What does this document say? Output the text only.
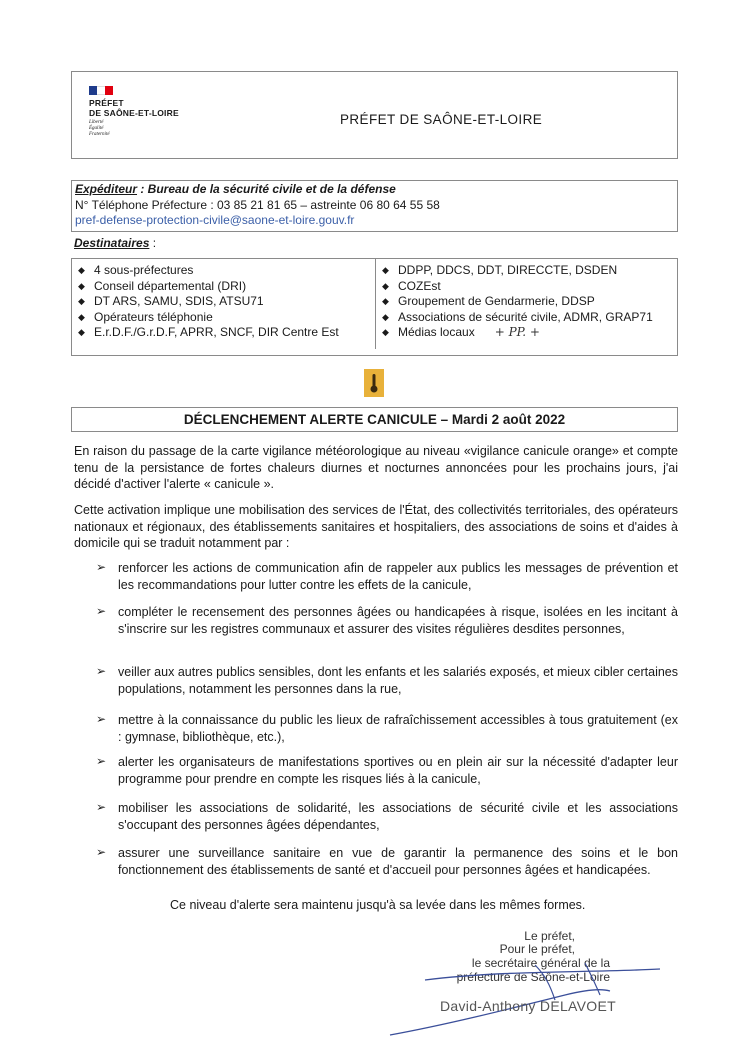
PRÉFET
DE SAÔNE-ET-LOIRE
Liberté
Égalité
Fraternité
PRÉFET DE SAÔNE-ET-LOIRE
Expéditeur : Bureau de la sécurité civile et de la défense
N° Téléphone Préfecture : 03 85 21 81 65 – astreinte 06 80 64 55 58
pref-defense-protection-civile@saone-et-loire.gouv.fr
Destinataires :
◆ 4 sous-préfectures
◆ Conseil départemental (DRI)
◆ DT ARS, SAMU, SDIS, ATSU71
◆ Opérateurs téléphonie
◆ E.r.D.F./G.r.D.F, APRR, SNCF, DIR Centre Est
◆ DDPP, DDCS, DDT, DIRECCTE, DSDEN
◆ COZEst
◆ Groupement de Gendarmerie, DDSP
◆ Associations de sécurité civile, ADMR, GRAP71
◆ Médias locaux + PP. +
DÉCLENCHEMENT ALERTE CANICULE – Mardi 2 août 2022
En raison du passage de la carte vigilance météorologique au niveau «vigilance canicule orange» et compte tenu de la persistance de fortes chaleurs diurnes et nocturnes annoncées pour les prochains jours, j'ai décidé d'activer l'alerte « canicule ».
Cette activation implique une mobilisation des services de l'État, des collectivités territoriales, des opérateurs nationaux et régionaux, des établissements sanitaires et hospitaliers, des associations de soins et d'aides à domicile qui se traduit notamment par :
➢ renforcer les actions de communication afin de rappeler aux publics les messages de prévention et les recommandations pour lutter contre les effets de la canicule,
➢ compléter le recensement des personnes âgées ou handicapées à risque, isolées en les incitant à s'inscrire sur les registres communaux et assurer des visites régulières desdites personnes,
➢ veiller aux autres publics sensibles, dont les enfants et les salariés exposés, et mieux cibler certaines populations, notamment les personnes dans la rue,
➢ mettre à la connaissance du public les lieux de rafraîchissement accessibles à tous gratuitement (ex : gymnase, bibliothèque, etc.),
➢ alerter les organisateurs de manifestations sportives ou en plein air sur la nécessité d'adapter leur programme pour prendre en compte les risques liés à la canicule,
➢ mobiliser les associations de solidarité, les associations de sécurité civile et les associations s'occupant des personnes âgées dépendantes,
➢ assurer une surveillance sanitaire en vue de garantir la permanence des soins et le bon fonctionnement des établissements de santé et d'accueil pour personnes âgées et handicapées.
Ce niveau d'alerte sera maintenu jusqu'à sa levée dans les mêmes formes.
Le préfet,
Pour le préfet,
le secrétaire général de la
préfecture de Saône-et-Loire
David-Anthony DELAVOET
